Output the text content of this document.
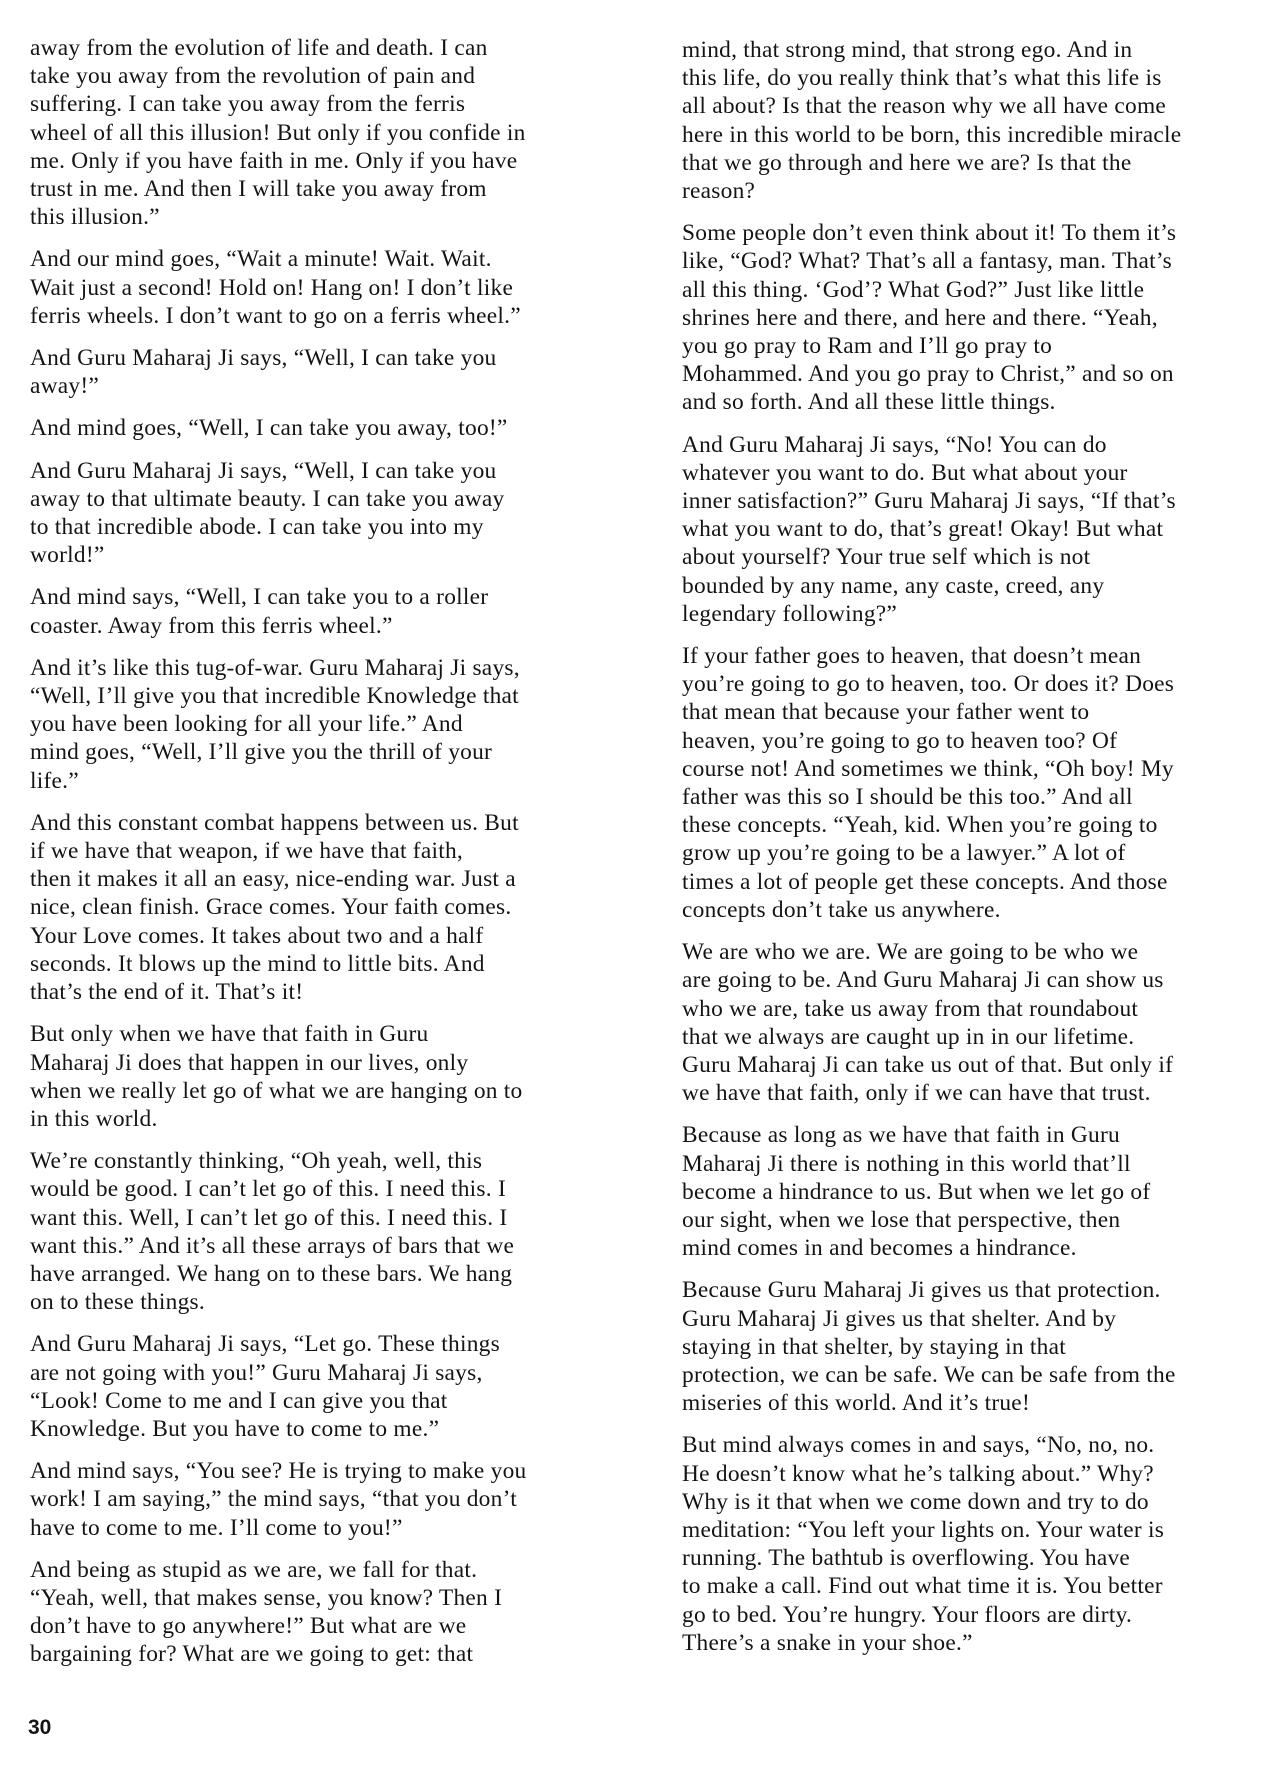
away from the evolution of life and death. I can
take you away from the revolution of pain and
suffering. I can take you away from the ferris
wheel of all this illusion! But only if you confide in
me. Only if you have faith in me. Only if you have
trust in me. And then I will take you away from
this illusion.”

And our mind goes, “Wait a minute! Wait. Wait.
Wait just a second! Hold on! Hang on! I don’t like
ferris wheels. I don’t want to go on a ferris wheel.”

And Guru Maharaj Ji says, “Well, I can take you
away!”

And mind goes, “Well, I can take you away, too!”

And Guru Maharaj Ji says, “Well, I can take you
away to that ultimate beauty. I can take you away
to that incredible abode. I can take you into my
world!”

And mind says, “Well, I can take you to a roller
coaster. Away from this ferris wheel.”

And it’s like this tug-of-war. Guru Maharaj Ji says,
“Well, I’ll give you that incredible Knowledge that
you have been looking for all your life.” And
mind goes, “Well, I’ll give you the thrill of your
life.”

And this constant combat happens between us. But
if we have that weapon, if we have that faith,
then it makes it all an easy, nice-ending war. Just a
nice, clean finish. Grace comes. Your faith comes.
Your Love comes. It takes about two and a half
seconds. It blows up the mind to little bits. And
that’s the end of it. That’s it!

But only when we have that faith in Guru
Maharaj Ji does that happen in our lives, only
when we really let go of what we are hanging on to
in this world.

We’re constantly thinking, “Oh yeah, well, this
would be good. I can’t let go of this. I need this. I
want this. Well, I can’t let go of this. I need this. I
want this.” And it’s all these arrays of bars that we
have arranged. We hang on to these bars. We hang
on to these things.

And Guru Maharaj Ji says, “Let go. These things
are not going with you!” Guru Maharaj Ji says,
“Look! Come to me and I can give you that
Knowledge. But you have to come to me.”

And mind says, “You see? He is trying to make you
work! I am saying,” the mind says, “that you don’t
have to come to me. I’ll come to you!”

And being as stupid as we are, we fall for that.
“Yeah, well, that makes sense, you know? Then I
don’t have to go anywhere!” But what are we
bargaining for? What are we going to get: that

mind, that strong mind, that strong ego. And in
this life, do you really think that’s what this life is
all about? Is that the reason why we all have come
here in this world to be born, this incredible miracle
that we go through and here we are? Is that the
reason?

Some people don’t even think about it! To them it’s
like, “God? What? That’s all a fantasy, man. That’s
all this thing. ‘God’? What God?” Just like little
shrines here and there, and here and there. “Yeah,
you go pray to Ram and I’ll go pray to
Mohammed. And you go pray to Christ,” and so on
and so forth. And all these little things.

And Guru Maharaj Ji says, “No! You can do
whatever you want to do. But what about your
inner satisfaction?” Guru Maharaj Ji says, “If that’s
what you want to do, that’s great! Okay! But what
about yourself? Your true self which is not
bounded by any name, any caste, creed, any
legendary following?”

If your father goes to heaven, that doesn’t mean
you’re going to go to heaven, too. Or does it? Does
that mean that because your father went to
heaven, you’re going to go to heaven too? Of
course not! And sometimes we think, “Oh boy! My
father was this so I should be this too.” And all
these concepts. “Yeah, kid. When you’re going to
grow up you’re going to be a lawyer.” A lot of
times a lot of people get these concepts. And those
concepts don’t take us anywhere.

We are who we are. We are going to be who we
are going to be. And Guru Maharaj Ji can show us
who we are, take us away from that roundabout
that we always are caught up in in our lifetime.
Guru Maharaj Ji can take us out of that. But only if
we have that faith, only if we can have that trust.

Because as long as we have that faith in Guru
Maharaj Ji there is nothing in this world that’ll
become a hindrance to us. But when we let go of
our sight, when we lose that perspective, then
mind comes in and becomes a hindrance.

Because Guru Maharaj Ji gives us that protection.
Guru Maharaj Ji gives us that shelter. And by
staying in that shelter, by staying in that
protection, we can be safe. We can be safe from the
miseries of this world. And it’s true!

But mind always comes in and says, “No, no, no.
He doesn’t know what he’s talking about.” Why?
Why is it that when we come down and try to do
meditation: “You left your lights on. Your water is
running. The bathtub is overflowing. You have
to make a call. Find out what time it is. You better
go to bed. You’re hungry. Your floors are dirty.
There’s a snake in your shoe.”

30
